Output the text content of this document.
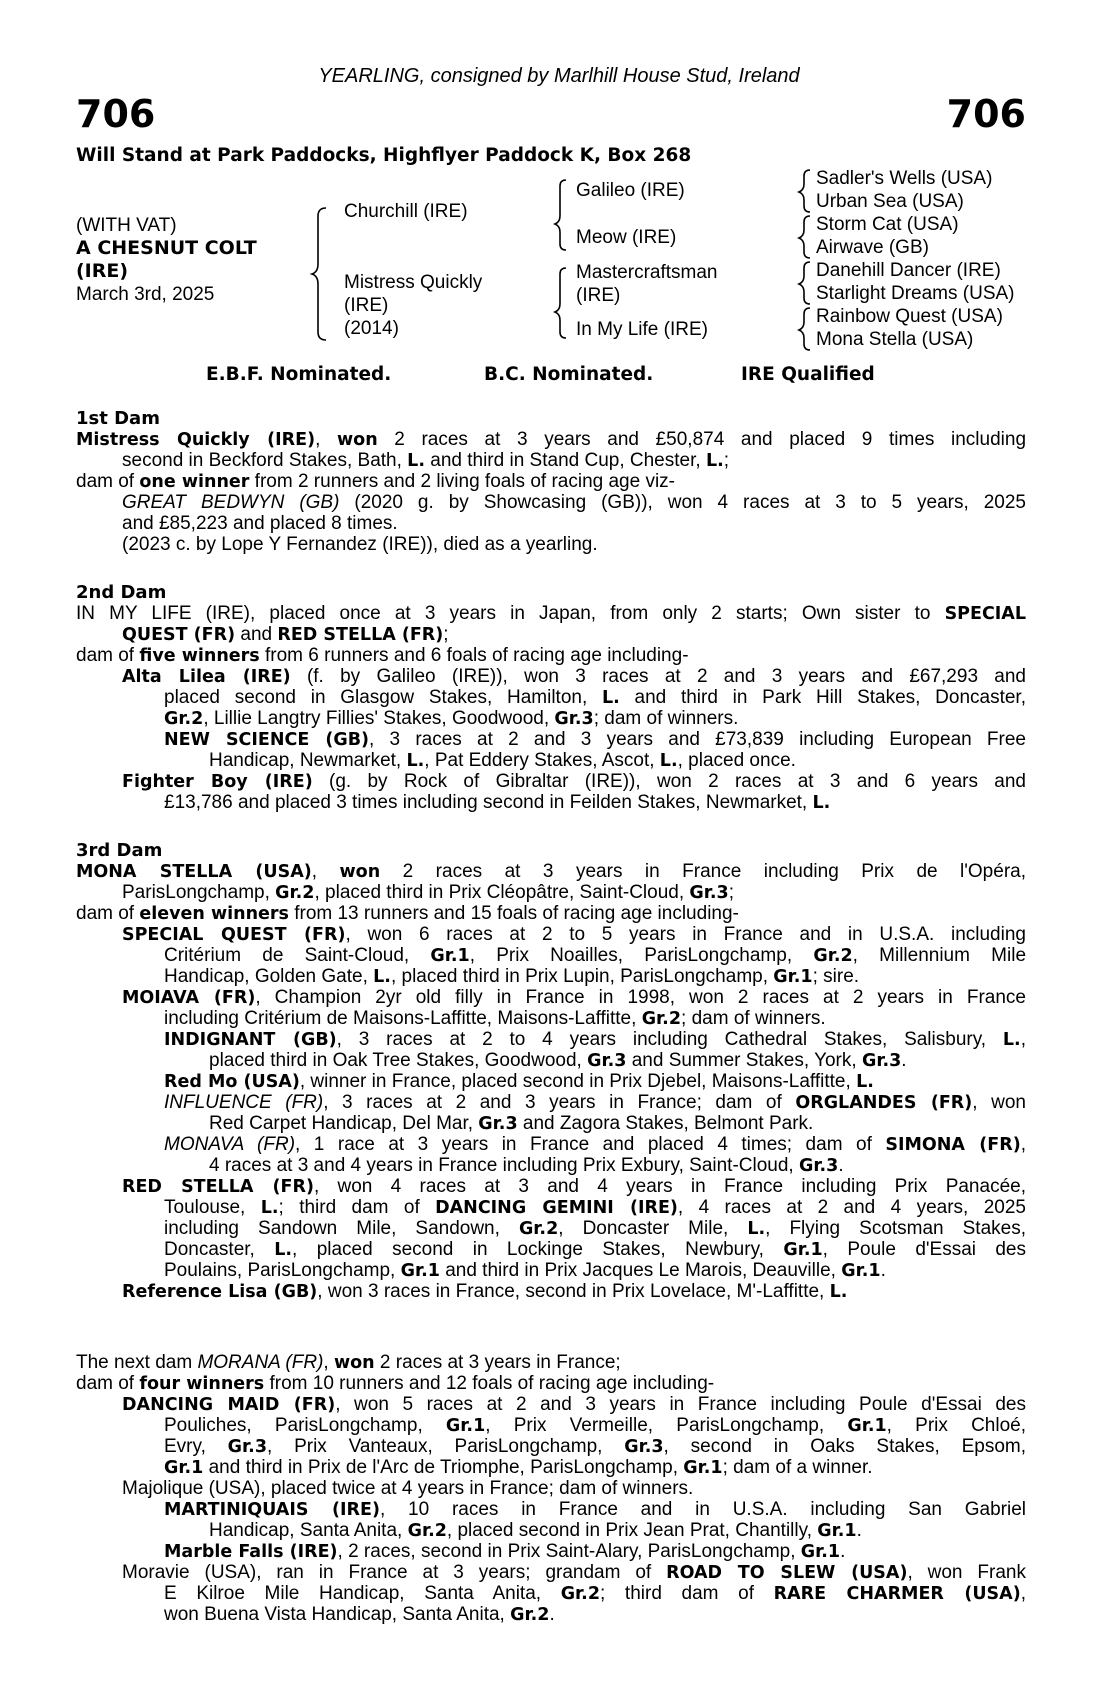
YEARLING, consigned by Marlhill House Stud, Ireland
706	706
Will Stand at Park Paddocks, Highflyer Paddock K, Box 268
(WITH VAT)
A CHESNUT COLT
(IRE)
March 3rd, 2025
Churchill (IRE)
Mistress Quickly
(IRE)
(2014)
Galileo (IRE)
Meow (IRE)
Mastercraftsman
(IRE)
In My Life (IRE)
Sadler's Wells (USA)
Urban Sea (USA)
Storm Cat (USA)
Airwave (GB)
Danehill Dancer (IRE)
Starlight Dreams (USA)
Rainbow Quest (USA)
Mona Stella (USA)
E.B.F. Nominated.	B.C. Nominated.	IRE Qualified
1st Dam
Mistress Quickly (IRE), won 2 races at 3 years and £50,874 and placed 9 times including
second in Beckford Stakes, Bath, L. and third in Stand Cup, Chester, L.;
dam of one winner from 2 runners and 2 living foals of racing age viz-
GREAT BEDWYN (GB) (2020 g. by Showcasing (GB)), won 4 races at 3 to 5 years, 2025
and £85,223 and placed 8 times.
(2023 c. by Lope Y Fernandez (IRE)), died as a yearling.
2nd Dam
IN MY LIFE (IRE), placed once at 3 years in Japan, from only 2 starts; Own sister to SPECIAL
QUEST (FR) and RED STELLA (FR);
dam of five winners from 6 runners and 6 foals of racing age including-
Alta Lilea (IRE) (f. by Galileo (IRE)), won 3 races at 2 and 3 years and £67,293 and
placed second in Glasgow Stakes, Hamilton, L. and third in Park Hill Stakes, Doncaster,
Gr.2, Lillie Langtry Fillies' Stakes, Goodwood, Gr.3; dam of winners.
NEW SCIENCE (GB), 3 races at 2 and 3 years and £73,839 including European Free
Handicap, Newmarket, L., Pat Eddery Stakes, Ascot, L., placed once.
Fighter Boy (IRE) (g. by Rock of Gibraltar (IRE)), won 2 races at 3 and 6 years and
£13,786 and placed 3 times including second in Feilden Stakes, Newmarket, L.
3rd Dam
MONA STELLA (USA), won 2 races at 3 years in France including Prix de l'Opéra,
ParisLongchamp, Gr.2, placed third in Prix Cléopâtre, Saint-Cloud, Gr.3;
dam of eleven winners from 13 runners and 15 foals of racing age including-
SPECIAL QUEST (FR), won 6 races at 2 to 5 years in France and in U.S.A. including
Critérium de Saint-Cloud, Gr.1, Prix Noailles, ParisLongchamp, Gr.2, Millennium Mile
Handicap, Golden Gate, L., placed third in Prix Lupin, ParisLongchamp, Gr.1; sire.
MOIAVA (FR), Champion 2yr old filly in France in 1998, won 2 races at 2 years in France
including Critérium de Maisons-Laffitte, Maisons-Laffitte, Gr.2; dam of winners.
INDIGNANT (GB), 3 races at 2 to 4 years including Cathedral Stakes, Salisbury, L.,
placed third in Oak Tree Stakes, Goodwood, Gr.3 and Summer Stakes, York, Gr.3.
Red Mo (USA), winner in France, placed second in Prix Djebel, Maisons-Laffitte, L.
INFLUENCE (FR), 3 races at 2 and 3 years in France; dam of ORGLANDES (FR), won
Red Carpet Handicap, Del Mar, Gr.3 and Zagora Stakes, Belmont Park.
MONAVA (FR), 1 race at 3 years in France and placed 4 times; dam of SIMONA (FR),
4 races at 3 and 4 years in France including Prix Exbury, Saint-Cloud, Gr.3.
RED STELLA (FR), won 4 races at 3 and 4 years in France including Prix Panacée,
Toulouse, L.; third dam of DANCING GEMINI (IRE), 4 races at 2 and 4 years, 2025
including Sandown Mile, Sandown, Gr.2, Doncaster Mile, L., Flying Scotsman Stakes,
Doncaster, L., placed second in Lockinge Stakes, Newbury, Gr.1, Poule d'Essai des
Poulains, ParisLongchamp, Gr.1 and third in Prix Jacques Le Marois, Deauville, Gr.1.
Reference Lisa (GB), won 3 races in France, second in Prix Lovelace, M'-Laffitte, L.
The next dam MORANA (FR), won 2 races at 3 years in France;
dam of four winners from 10 runners and 12 foals of racing age including-
DANCING MAID (FR), won 5 races at 2 and 3 years in France including Poule d'Essai des
Pouliches, ParisLongchamp, Gr.1, Prix Vermeille, ParisLongchamp, Gr.1, Prix Chloé,
Evry, Gr.3, Prix Vanteaux, ParisLongchamp, Gr.3, second in Oaks Stakes, Epsom,
Gr.1 and third in Prix de l'Arc de Triomphe, ParisLongchamp, Gr.1; dam of a winner.
Majolique (USA), placed twice at 4 years in France; dam of winners.
MARTINIQUAIS (IRE), 10 races in France and in U.S.A. including San Gabriel
Handicap, Santa Anita, Gr.2, placed second in Prix Jean Prat, Chantilly, Gr.1.
Marble Falls (IRE), 2 races, second in Prix Saint-Alary, ParisLongchamp, Gr.1.
Moravie (USA), ran in France at 3 years; grandam of ROAD TO SLEW (USA), won Frank
E Kilroe Mile Handicap, Santa Anita, Gr.2; third dam of RARE CHARMER (USA),
won Buena Vista Handicap, Santa Anita, Gr.2.
